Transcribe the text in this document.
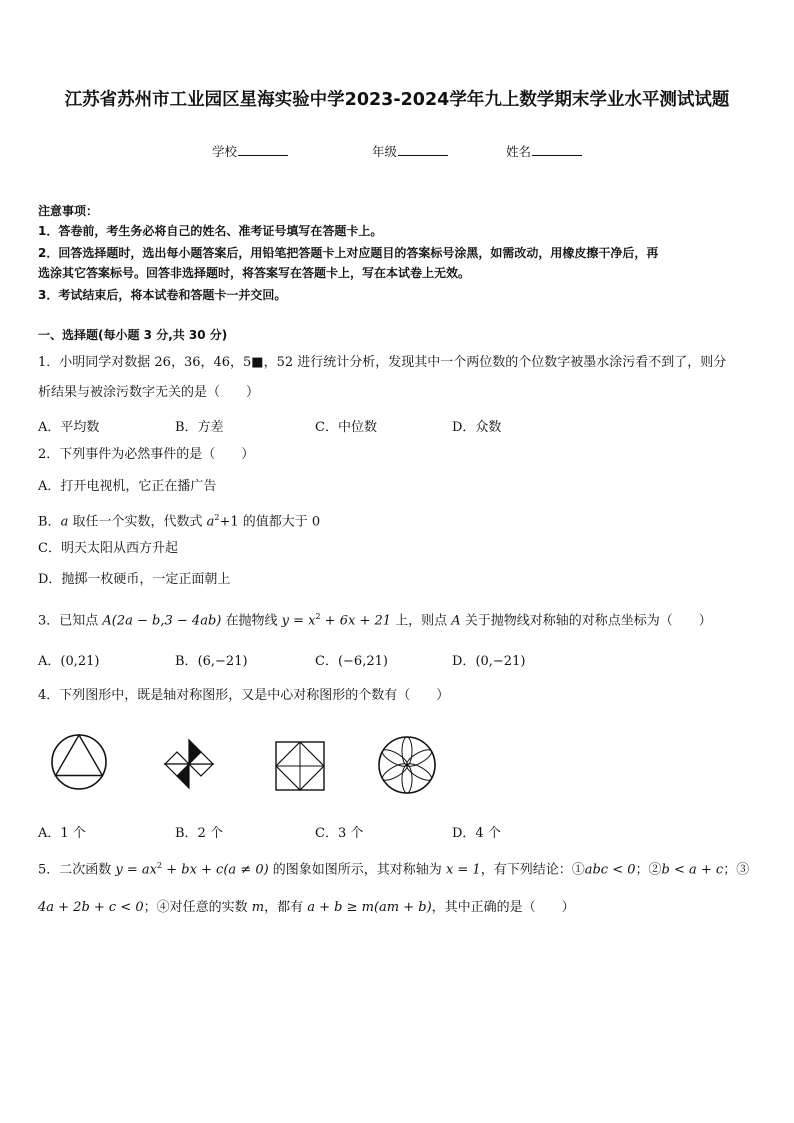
江苏省苏州市工业园区星海实验中学2023-2024学年九上数学期末学业水平测试试题
学校	年级	姓名
注意事项：
1．答卷前，考生务必将自己的姓名、准考证号填写在答题卡上。
2．回答选择题时，选出每小题答案后，用铅笔把答题卡上对应题目的答案标号涂黑，如需改动，用橡皮擦干净后，再
选涂其它答案标号。回答非选择题时，将答案写在答题卡上，写在本试卷上无效。
3．考试结束后，将本试卷和答题卡一并交回。
一、选择题(每小题 3 分,共 30 分)
1．小明同学对数据 26，36，46，5■，52 进行统计分析，发现其中一个两位数的个位数字被墨水涂污看不到了，则分
析结果与被涂污数字无关的是（　　）
A．平均数	B．方差	C．中位数	D．众数
2．下列事件为必然事件的是（　　）
A．打开电视机，它正在播广告
B．a 取任一个实数，代数式 $a^2+1$ 的值都大于 0
C．明天太阳从西方升起
D．抛掷一枚硬币，一定正面朝上
3．已知点 A(2a − b,3 − 4ab) 在抛物线 $y = x^2 + 6x + 21$ 上，则点 A 关于抛物线对称轴的对称点坐标为（　　）
A．(0,21)	B．(6,−21)	C．(−6,21)	D．(0,−21)
4．下列图形中，既是轴对称图形，又是中心对称图形的个数有（　　）
A．1 个	B．2 个	C．3 个	D．4 个
5．二次函数 $y = ax^2$ + bx + c(a ≠ 0) 的图象如图所示，其对称轴为 x = 1，有下列结论：①abc < 0；②b < a + c；③
4a + 2b + c < 0；④对任意的实数 m，都有 a + b ≥ m(am + b)，其中正确的是（　　）
